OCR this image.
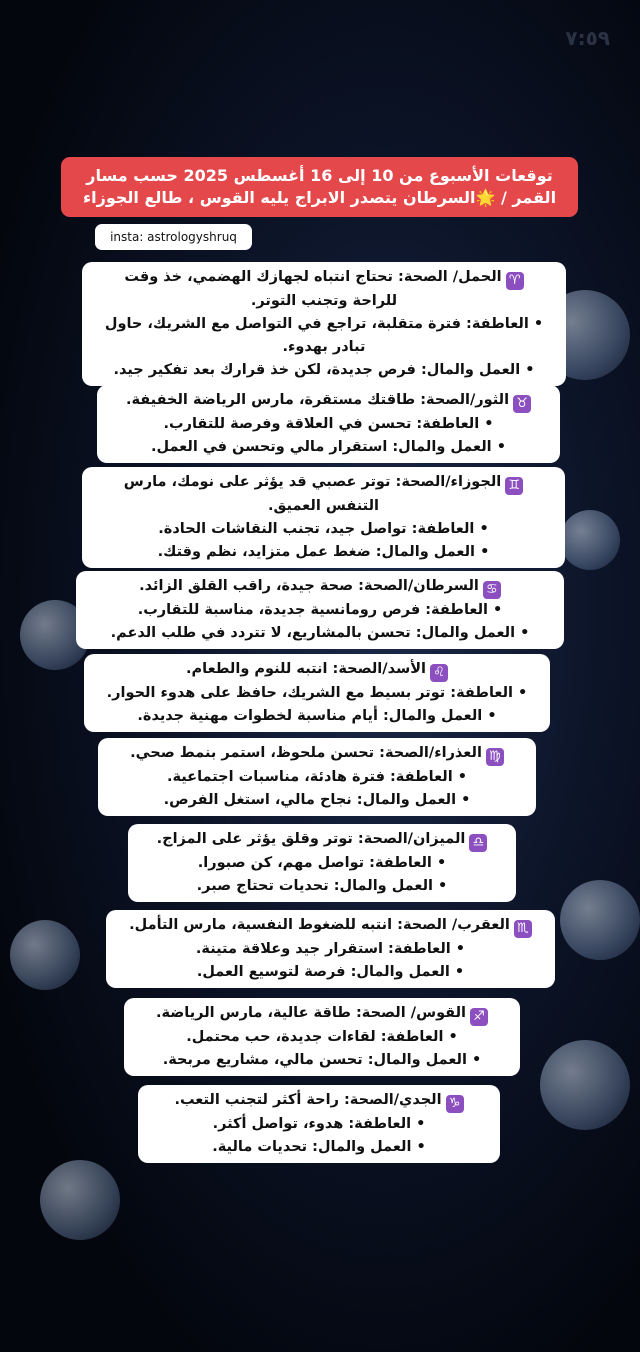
٧:٥٩
توقعات الأسبوع من 10 إلى 16 أغسطس 2025 حسب مسار
القمر / 🌟السرطان يتصدر الابراج يليه القوس ، طالع الجوزاء
insta: astrologyshruq
♈الحمل/ الصحة: تحتاج انتباه لجهازك الهضمي، خذ وقت
للراحة وتجنب التوتر.
• العاطفة: فترة متقلبة، تراجع في التواصل مع الشريك، حاول
تبادر بهدوء.
• العمل والمال: فرص جديدة، لكن خذ قرارك بعد تفكير جيد.
♉الثور/الصحة: طاقتك مستقرة، مارس الرياضة الخفيفة.
• العاطفة: تحسن في العلاقة وفرصة للتقارب.
• العمل والمال: استقرار مالي وتحسن في العمل.
♊الجوزاء/الصحة: توتر عصبي قد يؤثر على نومك، مارس
التنفس العميق.
• العاطفة: تواصل جيد، تجنب النقاشات الحادة.
• العمل والمال: ضغط عمل متزايد، نظم وقتك.
♋السرطان/الصحة: صحة جيدة، راقب القلق الزائد.
• العاطفة: فرص رومانسية جديدة، مناسبة للتقارب.
• العمل والمال: تحسن بالمشاريع، لا تتردد في طلب الدعم.
♌الأسد/الصحة: انتبه للنوم والطعام.
• العاطفة: توتر بسيط مع الشريك، حافظ على هدوء الحوار.
• العمل والمال: أيام مناسبة لخطوات مهنية جديدة.
♍العذراء/الصحة: تحسن ملحوظ، استمر بنمط صحي.
• العاطفة: فترة هادئة، مناسبات اجتماعية.
• العمل والمال: نجاح مالي، استغل الفرص.
♎الميزان/الصحة: توتر وقلق يؤثر على المزاج.
• العاطفة: تواصل مهم، كن صبورا.
• العمل والمال: تحديات تحتاج صبر.
♏العقرب/ الصحة: انتبه للضغوط النفسية، مارس التأمل.
• العاطفة: استقرار جيد وعلاقة متينة.
• العمل والمال: فرصة لتوسيع العمل.
♐القوس/ الصحة: طاقة عالية، مارس الرياضة.
• العاطفة: لقاءات جديدة، حب محتمل.
• العمل والمال: تحسن مالي، مشاريع مربحة.
♑الجدي/الصحة: راحة أكثر لتجنب التعب.
• العاطفة: هدوء، تواصل أكثر.
• العمل والمال: تحديات مالية.
